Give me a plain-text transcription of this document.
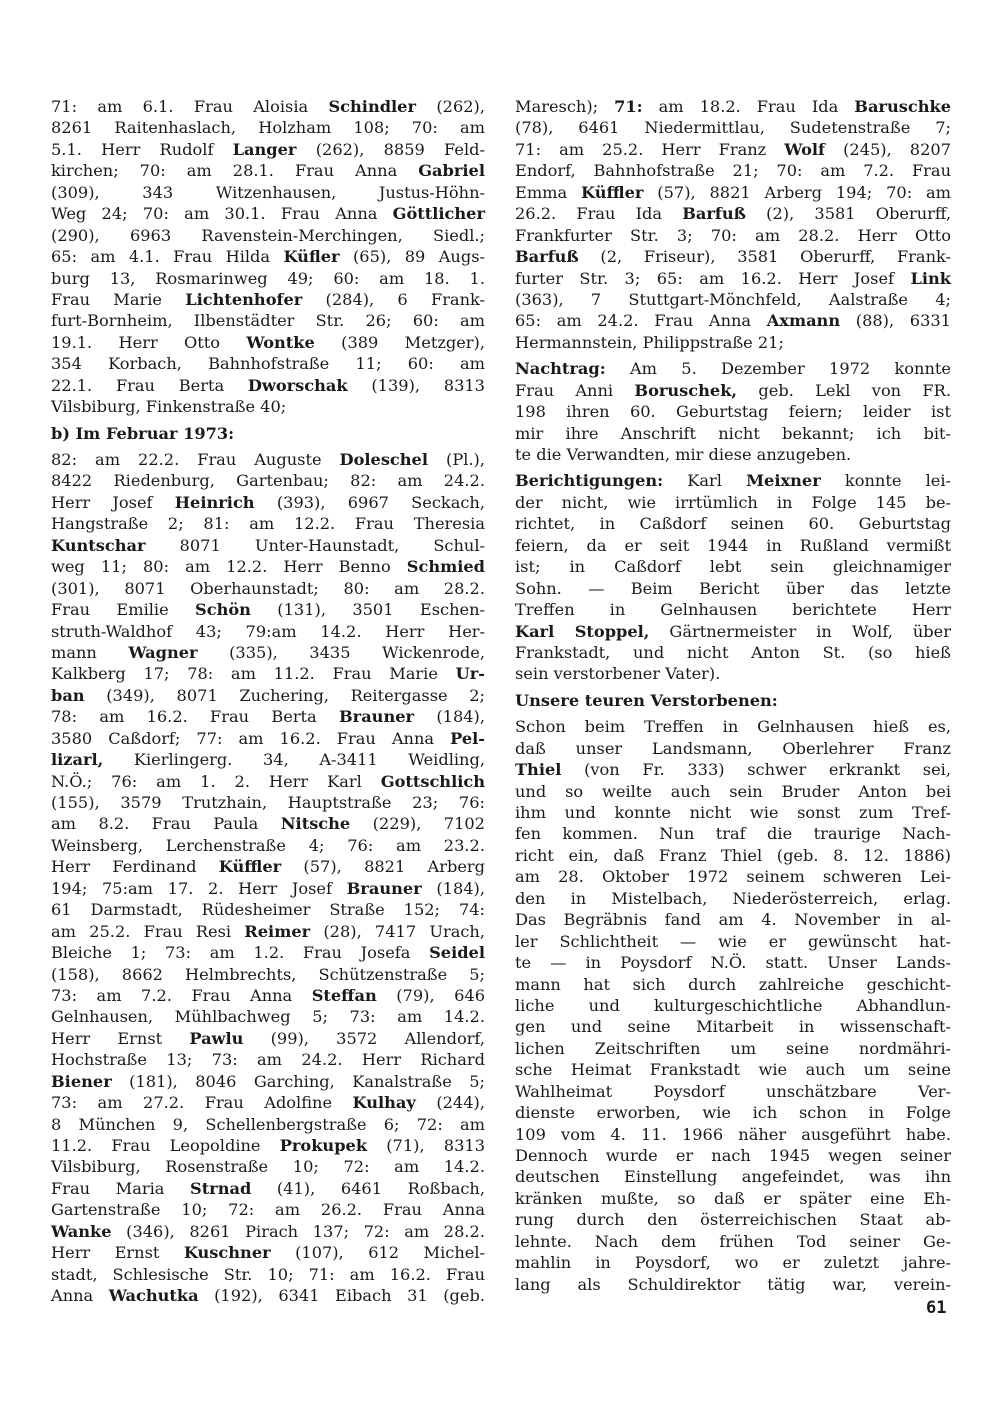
71: am 6.1. Frau Aloisia Schindler (262),
8261 Raitenhaslach, Holzham 108; 70: am
5.1. Herr Rudolf Langer (262), 8859 Feld-
kirchen; 70: am 28.1. Frau Anna Gabriel
(309), 343 Witzenhausen, Justus-Höhn-
Weg 24; 70: am 30.1. Frau Anna Göttlicher
(290), 6963 Ravenstein-Merchingen, Siedl.;
65: am 4.1. Frau Hilda Küfler (65), 89 Augs-
burg 13, Rosmarinweg 49; 60: am 18. 1.
Frau Marie Lichtenhofer (284), 6 Frank-
furt-Bornheim, Ilbenstädter Str. 26; 60: am
19.1. Herr Otto Wontke (389 Metzger),
354 Korbach, Bahnhofstraße 11; 60: am
22.1. Frau Berta Dworschak (139), 8313
Vilsbiburg, Finkenstraße 40;
b) Im Februar 1973:
82: am 22.2. Frau Auguste Doleschel (Pl.),
8422 Riedenburg, Gartenbau; 82: am 24.2.
Herr Josef Heinrich (393), 6967 Seckach,
Hangstraße 2; 81: am 12.2. Frau Theresia
Kuntschar 8071 Unter-Haunstadt, Schul-
weg 11; 80: am 12.2. Herr Benno Schmied
(301), 8071 Oberhaunstadt; 80: am 28.2.
Frau Emilie Schön (131), 3501 Eschen-
struth-Waldhof 43; 79:am 14.2. Herr Her-
mann Wagner (335), 3435 Wickenrode,
Kalkberg 17; 78: am 11.2. Frau Marie Ur-
ban (349), 8071 Zuchering, Reitergasse 2;
78: am 16.2. Frau Berta Brauner (184),
3580 Caßdorf; 77: am 16.2. Frau Anna Pel-
lizarl, Kierlingerg. 34, A-3411 Weidling,
N.Ö.; 76: am 1. 2. Herr Karl Gottschlich
(155), 3579 Trutzhain, Hauptstraße 23; 76:
am 8.2. Frau Paula Nitsche (229), 7102
Weinsberg, Lerchenstraße 4; 76: am 23.2.
Herr Ferdinand Küffler (57), 8821 Arberg
194; 75:am 17. 2. Herr Josef Brauner (184),
61 Darmstadt, Rüdesheimer Straße 152; 74:
am 25.2. Frau Resi Reimer (28), 7417 Urach,
Bleiche 1; 73: am 1.2. Frau Josefa Seidel
(158), 8662 Helmbrechts, Schützenstraße 5;
73: am 7.2. Frau Anna Steffan (79), 646
Gelnhausen, Mühlbachweg 5; 73: am 14.2.
Herr Ernst Pawlu (99), 3572 Allendorf,
Hochstraße 13; 73: am 24.2. Herr Richard
Biener (181), 8046 Garching, Kanalstraße 5;
73: am 27.2. Frau Adolfine Kulhay (244),
8 München 9, Schellenbergstraße 6; 72: am
11.2. Frau Leopoldine Prokupek (71), 8313
Vilsbiburg, Rosenstraße 10; 72: am 14.2.
Frau Maria Strnad (41), 6461 Roßbach,
Gartenstraße 10; 72: am 26.2. Frau Anna
Wanke (346), 8261 Pirach 137; 72: am 28.2.
Herr Ernst Kuschner (107), 612 Michel-
stadt, Schlesische Str. 10; 71: am 16.2. Frau
Anna Wachutka (192), 6341 Eibach 31 (geb.
Maresch); 71: am 18.2. Frau Ida Baruschke
(78), 6461 Niedermittlau, Sudetenstraße 7;
71: am 25.2. Herr Franz Wolf (245), 8207
Endorf, Bahnhofstraße 21; 70: am 7.2. Frau
Emma Küffler (57), 8821 Arberg 194; 70: am
26.2. Frau Ida Barfuß (2), 3581 Oberurff,
Frankfurter Str. 3; 70: am 28.2. Herr Otto
Barfuß (2, Friseur), 3581 Oberurff, Frank-
furter Str. 3; 65: am 16.2. Herr Josef Link
(363), 7 Stuttgart-Mönchfeld, Aalstraße 4;
65: am 24.2. Frau Anna Axmann (88), 6331
Hermannstein, Philippstraße 21;
Nachtrag: Am 5. Dezember 1972 konnte
Frau Anni Boruschek, geb. Lekl von FR.
198 ihren 60. Geburtstag feiern; leider ist
mir ihre Anschrift nicht bekannt; ich bit-
te die Verwandten, mir diese anzugeben.
Berichtigungen: Karl Meixner konnte lei-
der nicht, wie irrtümlich in Folge 145 be-
richtet, in Caßdorf seinen 60. Geburtstag
feiern, da er seit 1944 in Rußland vermißt
ist; in Caßdorf lebt sein gleichnamiger
Sohn. — Beim Bericht über das letzte
Treffen in Gelnhausen berichtete Herr
Karl Stoppel, Gärtnermeister in Wolf, über
Frankstadt, und nicht Anton St. (so hieß
sein verstorbener Vater).
Unsere teuren Verstorbenen:
Schon beim Treffen in Gelnhausen hieß es,
daß unser Landsmann, Oberlehrer Franz
Thiel (von Fr. 333) schwer erkrankt sei,
und so weilte auch sein Bruder Anton bei
ihm und konnte nicht wie sonst zum Tref-
fen kommen. Nun traf die traurige Nach-
richt ein, daß Franz Thiel (geb. 8. 12. 1886)
am 28. Oktober 1972 seinem schweren Lei-
den in Mistelbach, Niederösterreich, erlag.
Das Begräbnis fand am 4. November in al-
ler Schlichtheit — wie er gewünscht hat-
te — in Poysdorf N.Ö. statt. Unser Lands-
mann hat sich durch zahlreiche geschicht-
liche und kulturgeschichtliche Abhandlun-
gen und seine Mitarbeit in wissenschaft-
lichen Zeitschriften um seine nordmähri-
sche Heimat Frankstadt wie auch um seine
Wahlheimat Poysdorf unschätzbare Ver-
dienste erworben, wie ich schon in Folge
109 vom 4. 11. 1966 näher ausgeführt habe.
Dennoch wurde er nach 1945 wegen seiner
deutschen Einstellung angefeindet, was ihn
kränken mußte, so daß er später eine Eh-
rung durch den österreichischen Staat ab-
lehnte. Nach dem frühen Tod seiner Ge-
mahlin in Poysdorf, wo er zuletzt jahre-
lang als Schuldirektor tätig war, verein-
61
